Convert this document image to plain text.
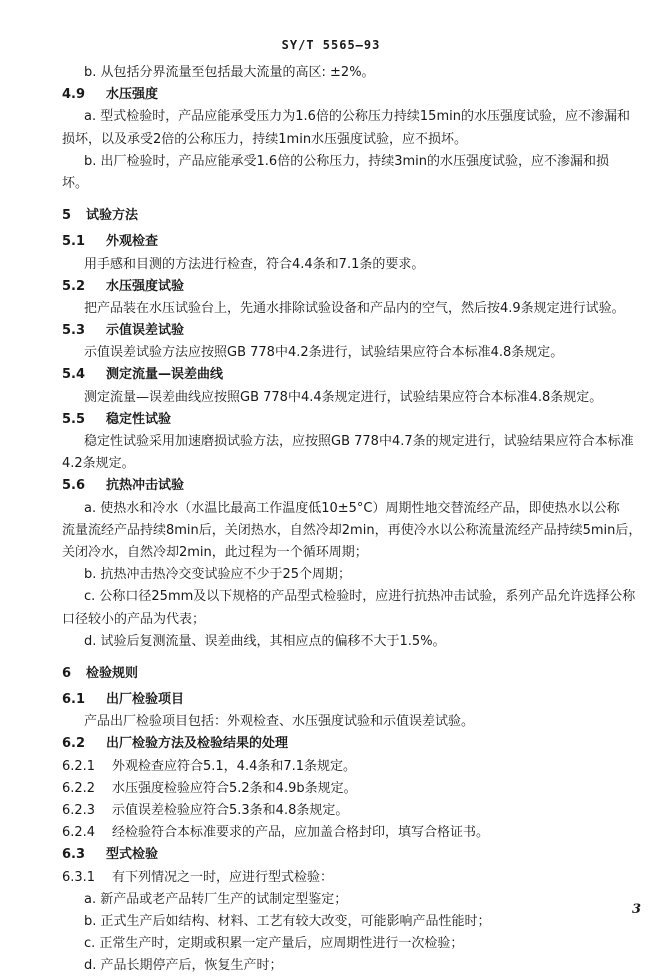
SY/T 5565—93
b. 从包括分界流量至包括最大流量的高区: ±2%。
4.9 水压强度
a. 型式检验时，产品应能承受压力为1.6倍的公称压力持续15min的水压强度试验，应不渗漏和
损坏，以及承受2倍的公称压力，持续1min水压强度试验，应不损坏。
b. 出厂检验时，产品应能承受1.6倍的公称压力，持续3min的水压强度试验，应不渗漏和损
坏。
5 试验方法
5.1 外观检查
用手感和目测的方法进行检查，符合4.4条和7.1条的要求。
5.2 水压强度试验
把产品装在水压试验台上，先通水排除试验设备和产品内的空气，然后按4.9条规定进行试验。
5.3 示值误差试验
示值误差试验方法应按照GB 778中4.2条进行，试验结果应符合本标准4.8条规定。
5.4 测定流量—误差曲线
测定流量—误差曲线应按照GB 778中4.4条规定进行，试验结果应符合本标准4.8条规定。
5.5 稳定性试验
稳定性试验采用加速磨损试验方法，应按照GB 778中4.7条的规定进行，试验结果应符合本标准
4.2条规定。
5.6 抗热冲击试验
a. 使热水和冷水（水温比最高工作温度低10±5°C）周期性地交替流经产品，即使热水以公称
流量流经产品持续8min后，关闭热水，自然冷却2min，再使冷水以公称流量流经产品持续5min后，
关闭冷水，自然冷却2min，此过程为一个循环周期；
b. 抗热冲击热冷交变试验应不少于25个周期；
c. 公称口径25mm及以下规格的产品型式检验时，应进行抗热冲击试验，系列产品允许选择公称
口径较小的产品为代表；
d. 试验后复测流量、误差曲线，其相应点的偏移不大于1.5%。
6 检验规则
6.1 出厂检验项目
产品出厂检验项目包括：外观检查、水压强度试验和示值误差试验。
6.2 出厂检验方法及检验结果的处理
6.2.1 外观检查应符合5.1，4.4条和7.1条规定。
6.2.2 水压强度检验应符合5.2条和4.9b条规定。
6.2.3 示值误差检验应符合5.3条和4.8条规定。
6.2.4 经检验符合本标准要求的产品，应加盖合格封印，填写合格证书。
6.3 型式检验
6.3.1 有下列情况之一时，应进行型式检验：
a. 新产品或老产品转厂生产的试制定型鉴定；
b. 正式生产后如结构、材料、工艺有较大改变，可能影响产品性能时；
c. 正常生产时，定期或积累一定产量后，应周期性进行一次检验；
d. 产品长期停产后，恢复生产时；
3
